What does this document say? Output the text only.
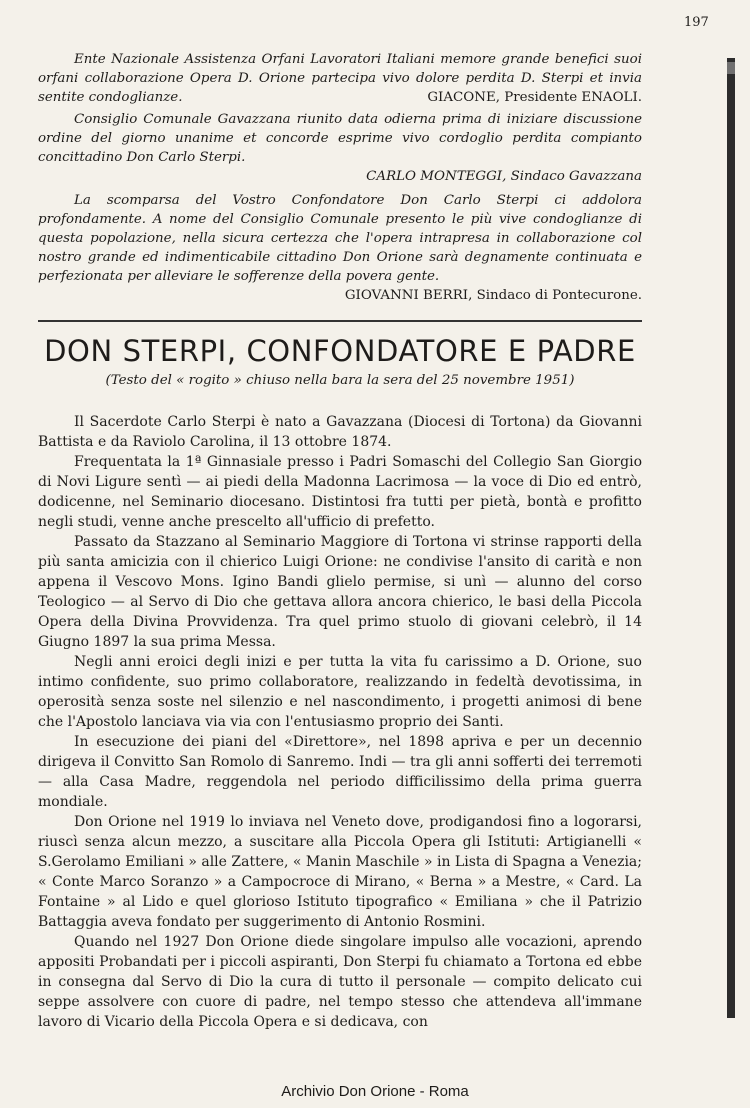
197

Ente Nazionale Assistenza Orfani Lavoratori Italiani memore grande benefici suoi orfani collaborazione Opera D. Orione partecipa vivo dolore perdita D. Sterpi et invia sentite condoglianze.	GIACONE, Presidente ENAOLI.

Consiglio Comunale Gavazzana riunito data odierna prima di iniziare discussione ordine del giorno unanime et concorde esprime vivo cordoglio perdita compianto concittadino Don Carlo Sterpi.

CARLO MONTEGGI, Sindaco Gavazzana

La scomparsa del Vostro Confondatore Don Carlo Sterpi ci addolora profondamente. A nome del Consiglio Comunale presento le più vive condoglianze di questa popolazione, nella sicura certezza che l'opera intrapresa in collaborazione col nostro grande ed indimenticabile cittadino Don Orione sarà degnamente continuata e perfezionata per alleviare le sofferenze della povera gente.
GIOVANNI BERRI, Sindaco di Pontecurone.

DON STERPI, CONFONDATORE E PADRE

(Testo del « rogito » chiuso nella bara la sera del 25 novembre 1951)

Il Sacerdote Carlo Sterpi è nato a Gavazzana (Diocesi di Tortona) da Giovanni Battista e da Raviolo Carolina, il 13 ottobre 1874.

Frequentata la 1ª Ginnasiale presso i Padri Somaschi del Collegio San Giorgio di Novi Ligure sentì — ai piedi della Madonna Lacrimosa — la voce di Dio ed entrò, dodicenne, nel Seminario diocesano. Distintosi fra tutti per pietà, bontà e profitto negli studi, venne anche prescelto all'ufficio di prefetto.

Passato da Stazzano al Seminario Maggiore di Tortona vi strinse rapporti della più santa amicizia con il chierico Luigi Orione: ne condivise l'ansito di carità e non appena il Vescovo Mons. Igino Bandi glielo permise, si unì — alunno del corso Teologico — al Servo di Dio che gettava allora ancora chierico, le basi della Piccola Opera della Divina Provvidenza. Tra quel primo stuolo di giovani celebrò, il 14 Giugno 1897 la sua prima Messa.

Negli anni eroici degli inizi e per tutta la vita fu carissimo a D. Orione, suo intimo confidente, suo primo collaboratore, realizzando in fedeltà devotissima, in operosità senza soste nel silenzio e nel nascondimento, i progetti animosi di bene che l'Apostolo lanciava via via con l'entusiasmo proprio dei Santi.

In esecuzione dei piani del «Direttore», nel 1898 apriva e per un decennio dirigeva il Convitto San Romolo di Sanremo. Indi — tra gli anni sofferti dei terremoti — alla Casa Madre, reggendola nel periodo difficilissimo della prima guerra mondiale.

Don Orione nel 1919 lo inviava nel Veneto dove, prodigandosi fino a logorarsi, riuscì senza alcun mezzo, a suscitare alla Piccola Opera gli Istituti: Artigianelli « S.Gerolamo Emiliani » alle Zattere, « Manin Maschile » in Lista di Spagna a Venezia; « Conte Marco Soranzo » a Campocroce di Mirano, « Berna » a Mestre, « Card. La Fontaine » al Lido e quel glorioso Istituto tipografico « Emiliana » che il Patrizio Battaggia aveva fondato per suggerimento di Antonio Rosmini.

Quando nel 1927 Don Orione diede singolare impulso alle vocazioni, aprendo appositi Probandati per i piccoli aspiranti, Don Sterpi fu chiamato a Tortona ed ebbe in consegna dal Servo di Dio la cura di tutto il personale — compito delicato cui seppe assolvere con cuore di padre, nel tempo stesso che attendeva all'immane lavoro di Vicario della Piccola Opera e si dedicava, con

Archivio Don Orione - Roma
